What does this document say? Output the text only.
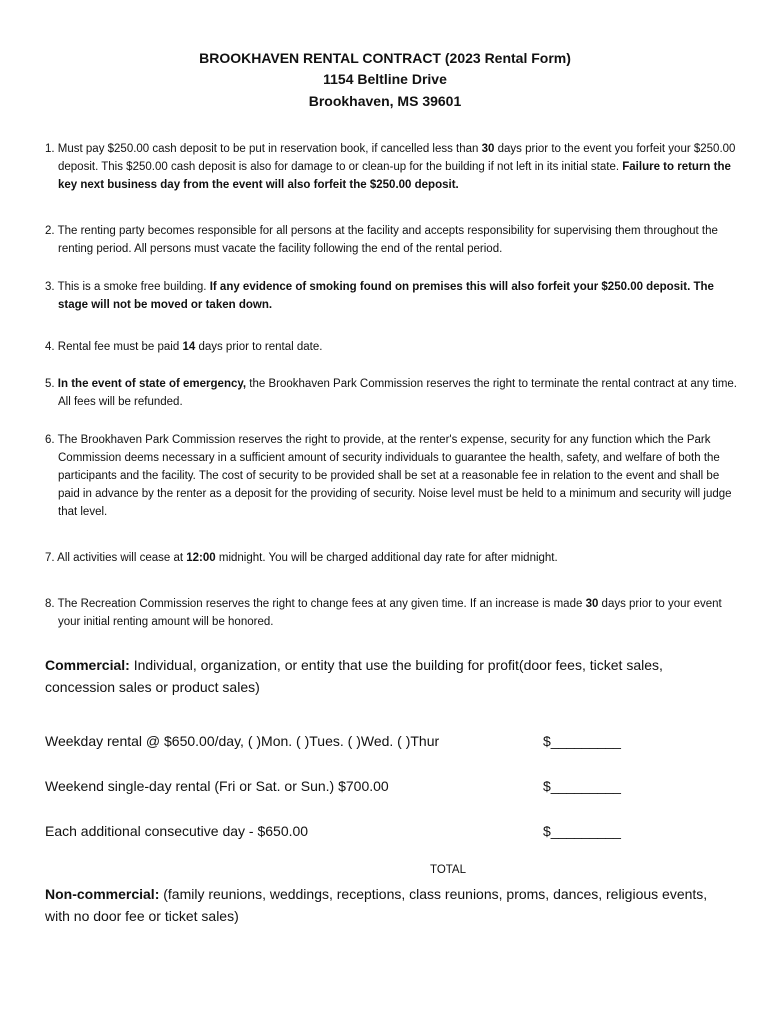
BROOKHAVEN RENTAL CONTRACT (2023 Rental Form)
1154 Beltline Drive
Brookhaven, MS 39601
1. Must pay $250.00 cash deposit to be put in reservation book, if cancelled less than 30 days prior to the event you forfeit your $250.00 deposit. This $250.00 cash deposit is also for damage to or clean-up for the building if not left in its initial state. Failure to return the key next business day from the event will also forfeit the $250.00 deposit.
2. The renting party becomes responsible for all persons at the facility and accepts responsibility for supervising them throughout the renting period. All persons must vacate the facility following the end of the rental period.
3. This is a smoke free building. If any evidence of smoking found on premises this will also forfeit your $250.00 deposit. The stage will not be moved or taken down.
4. Rental fee must be paid 14 days prior to rental date.
5. In the event of state of emergency, the Brookhaven Park Commission reserves the right to terminate the rental contract at any time. All fees will be refunded.
6. The Brookhaven Park Commission reserves the right to provide, at the renter's expense, security for any function which the Park Commission deems necessary in a sufficient amount of security individuals to guarantee the health, safety, and welfare of both the participants and the facility. The cost of security to be provided shall be set at a reasonable fee in relation to the event and shall be paid in advance by the renter as a deposit for the providing of security. Noise level must be held to a minimum and security will judge that level.
7. All activities will cease at 12:00 midnight. You will be charged additional day rate for after midnight.
8. The Recreation Commission reserves the right to change fees at any given time. If an increase is made 30 days prior to your event your initial renting amount will be honored.
Commercial: Individual, organization, or entity that use the building for profit(door fees, ticket sales, concession sales or product sales)
Weekday rental @ $650.00/day, ( )Mon. ( )Tues. ( )Wed. ( )Thur	$_________
Weekend single-day rental (Fri or Sat. or Sun.) $700.00	$_________
Each additional consecutive day - $650.00	$_________
TOTAL
Non-commercial: (family reunions, weddings, receptions, class reunions, proms, dances, religious events, with no door fee or ticket sales)
